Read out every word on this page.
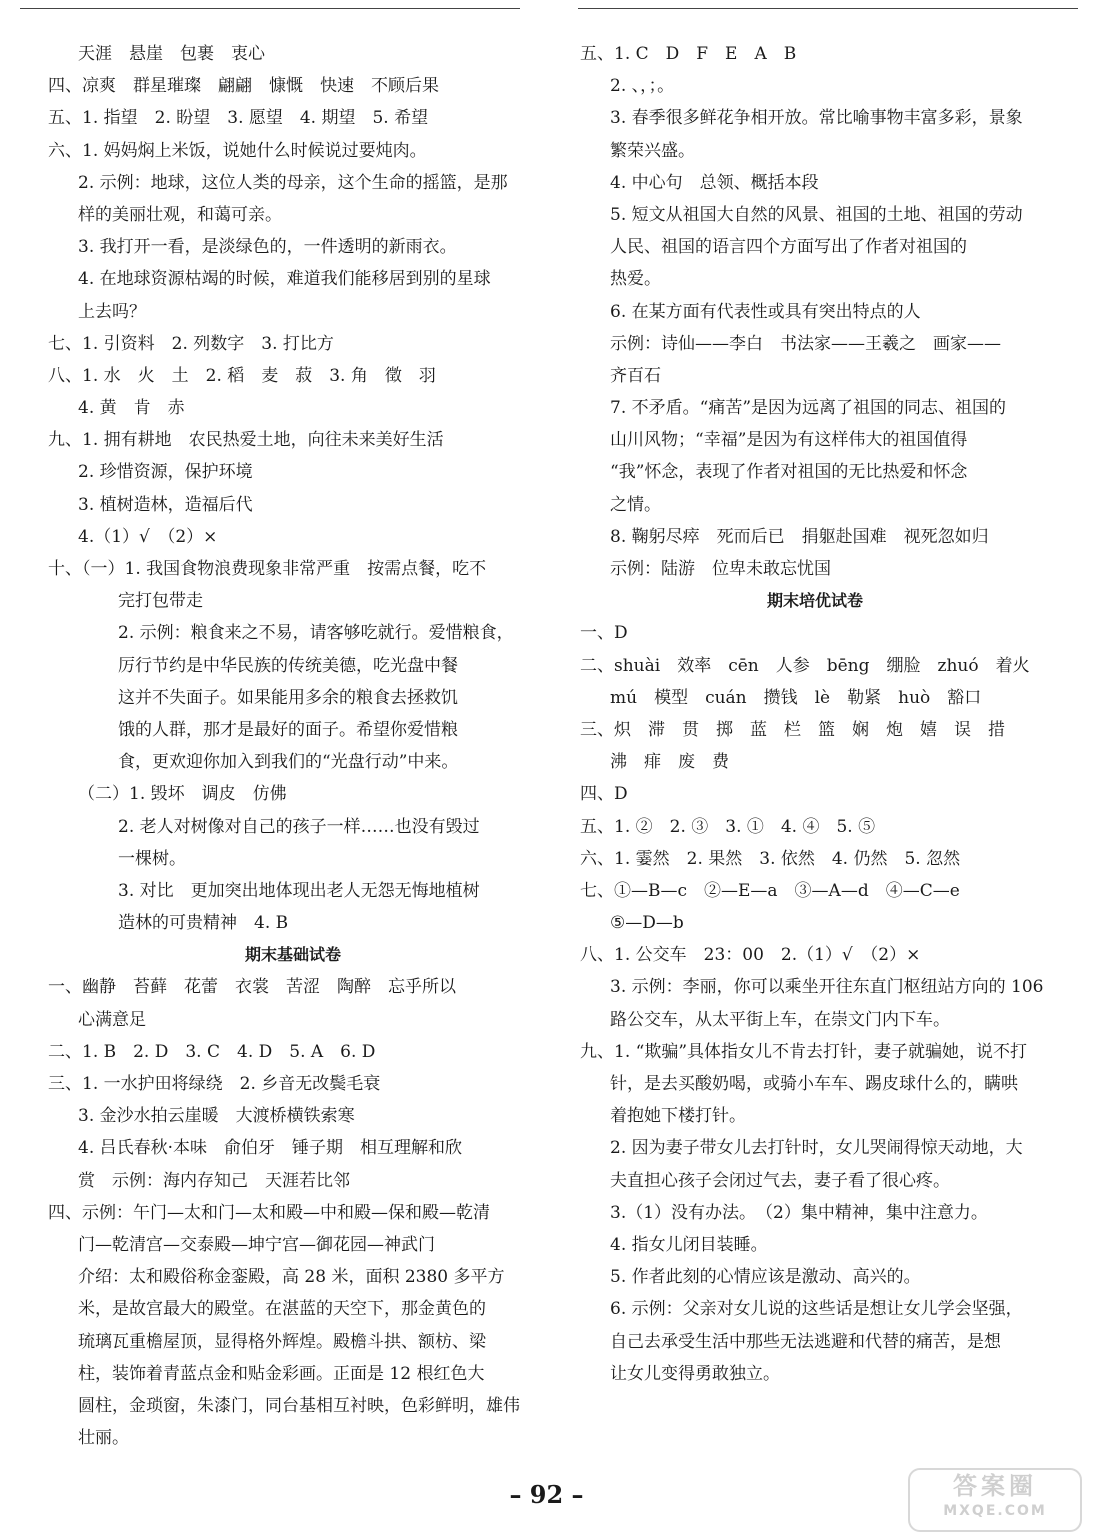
天涯　悬崖　包裹　衷心
四、凉爽　群星璀璨　翩翩　慷慨　快速　不顾后果
五、1. 指望　2. 盼望　3. 愿望　4. 期望　5. 希望
六、1. 妈妈焖上米饭，说她什么时候说过要炖肉。
2. 示例：地球，这位人类的母亲，这个生命的摇篮，是那
样的美丽壮观，和蔼可亲。
3. 我打开一看，是淡绿色的，一件透明的新雨衣。
4. 在地球资源枯竭的时候，难道我们能移居到别的星球
上去吗？
七、1. 引资料　2. 列数字　3. 打比方
八、1. 水　火　土　2. 稻　麦　菽　3. 角　徵　羽
4. 黄　肯　赤
九、1. 拥有耕地　农民热爱土地，向往未来美好生活
2. 珍惜资源，保护环境
3. 植树造林，造福后代
4.（1）√　（2）×
十、（一）1. 我国食物浪费现象非常严重　按需点餐，吃不
完打包带走
2. 示例：粮食来之不易，请客够吃就行。爱惜粮食，
厉行节约是中华民族的传统美德，吃光盘中餐
这并不失面子。如果能用多余的粮食去拯救饥
饿的人群，那才是最好的面子。希望你爱惜粮
食，更欢迎你加入到我们的“光盘行动”中来。
（二）1. 毁坏　调皮　仿佛
2. 老人对树像对自己的孩子一样……也没有毁过
一棵树。
3. 对比　更加突出地体现出老人无怨无悔地植树
造林的可贵精神　4. B
期末基础试卷
一、幽静　苔藓　花蕾　衣裳　苦涩　陶醉　忘乎所以
心满意足
二、1. B　2. D　3. C　4. D　5. A　6. D
三、1. 一水护田将绿绕　2. 乡音无改鬓毛衰
3. 金沙水拍云崖暖　大渡桥横铁索寒
4. 吕氏春秋·本味　俞伯牙　锤子期　相互理解和欣
赏　示例：海内存知己　天涯若比邻
四、示例：午门—太和门—太和殿—中和殿—保和殿—乾清
门—乾清宫—交泰殿—坤宁宫—御花园—神武门
介绍：太和殿俗称金銮殿，高 28 米，面积 2380 多平方
米，是故宫最大的殿堂。在湛蓝的天空下，那金黄色的
琉璃瓦重檐屋顶，显得格外辉煌。殿檐斗拱、额枋、梁
柱，装饰着青蓝点金和贴金彩画。正面是 12 根红色大
圆柱，金琐窗，朱漆门，同台基相互衬映，色彩鲜明，雄伟
壮丽。
五、1. C　D　F　E　A　B
2. 、，；。
3. 春季很多鲜花争相开放。常比喻事物丰富多彩，景象
繁荣兴盛。
4. 中心句　总领、概括本段
5. 短文从祖国大自然的风景、祖国的土地、祖国的劳动
人民、祖国的语言四个方面写出了作者对祖国的
热爱。
6. 在某方面有代表性或具有突出特点的人
示例：诗仙——李白　书法家——王羲之　画家——
齐百石
7. 不矛盾。“痛苦”是因为远离了祖国的同志、祖国的
山川风物；“幸福”是因为有这样伟大的祖国值得
“我”怀念，表现了作者对祖国的无比热爱和怀念
之情。
8. 鞠躬尽瘁　死而后已　捐躯赴国难　视死忽如归
示例：陆游　位卑未敢忘忧国
期末培优试卷
一、D
二、shuài　效率　cēn　人参　bēng　绷脸　zhuó　着火
mú　模型　cuán　攒钱　lè　勒紧　huò　豁口
三、炽　滞　贯　掷　蓝　栏　篮　娴　炮　嬉　误　措
沸　痱　废　费
四、D
五、1. ②　2. ③　3. ①　4. ④　5. ⑤
六、1. 霎然　2. 果然　3. 依然　4. 仍然　5. 忽然
七、①—B—c　②—E—a　③—A—d　④—C—e
⑤—D—b
八、1. 公交车　23：00　2.（1）√　（2）×
3. 示例：李丽，你可以乘坐开往东直门枢纽站方向的 106
路公交车，从太平街上车，在崇文门内下车。
九、1. “欺骗”具体指女儿不肯去打针，妻子就骗她，说不打
针，是去买酸奶喝，或骑小车车、踢皮球什么的，瞒哄
着抱她下楼打针。
2. 因为妻子带女儿去打针时，女儿哭闹得惊天动地，大
夫直担心孩子会闭过气去，妻子看了很心疼。
3.（1）没有办法。　（2）集中精神，集中注意力。
4. 指女儿闭目装睡。
5. 作者此刻的心情应该是激动、高兴的。
6. 示例：父亲对女儿说的这些话是想让女儿学会坚强，
自己去承受生活中那些无法逃避和代替的痛苦，是想
让女儿变得勇敢独立。
– 92 –	答案圈
MXQE.COM
